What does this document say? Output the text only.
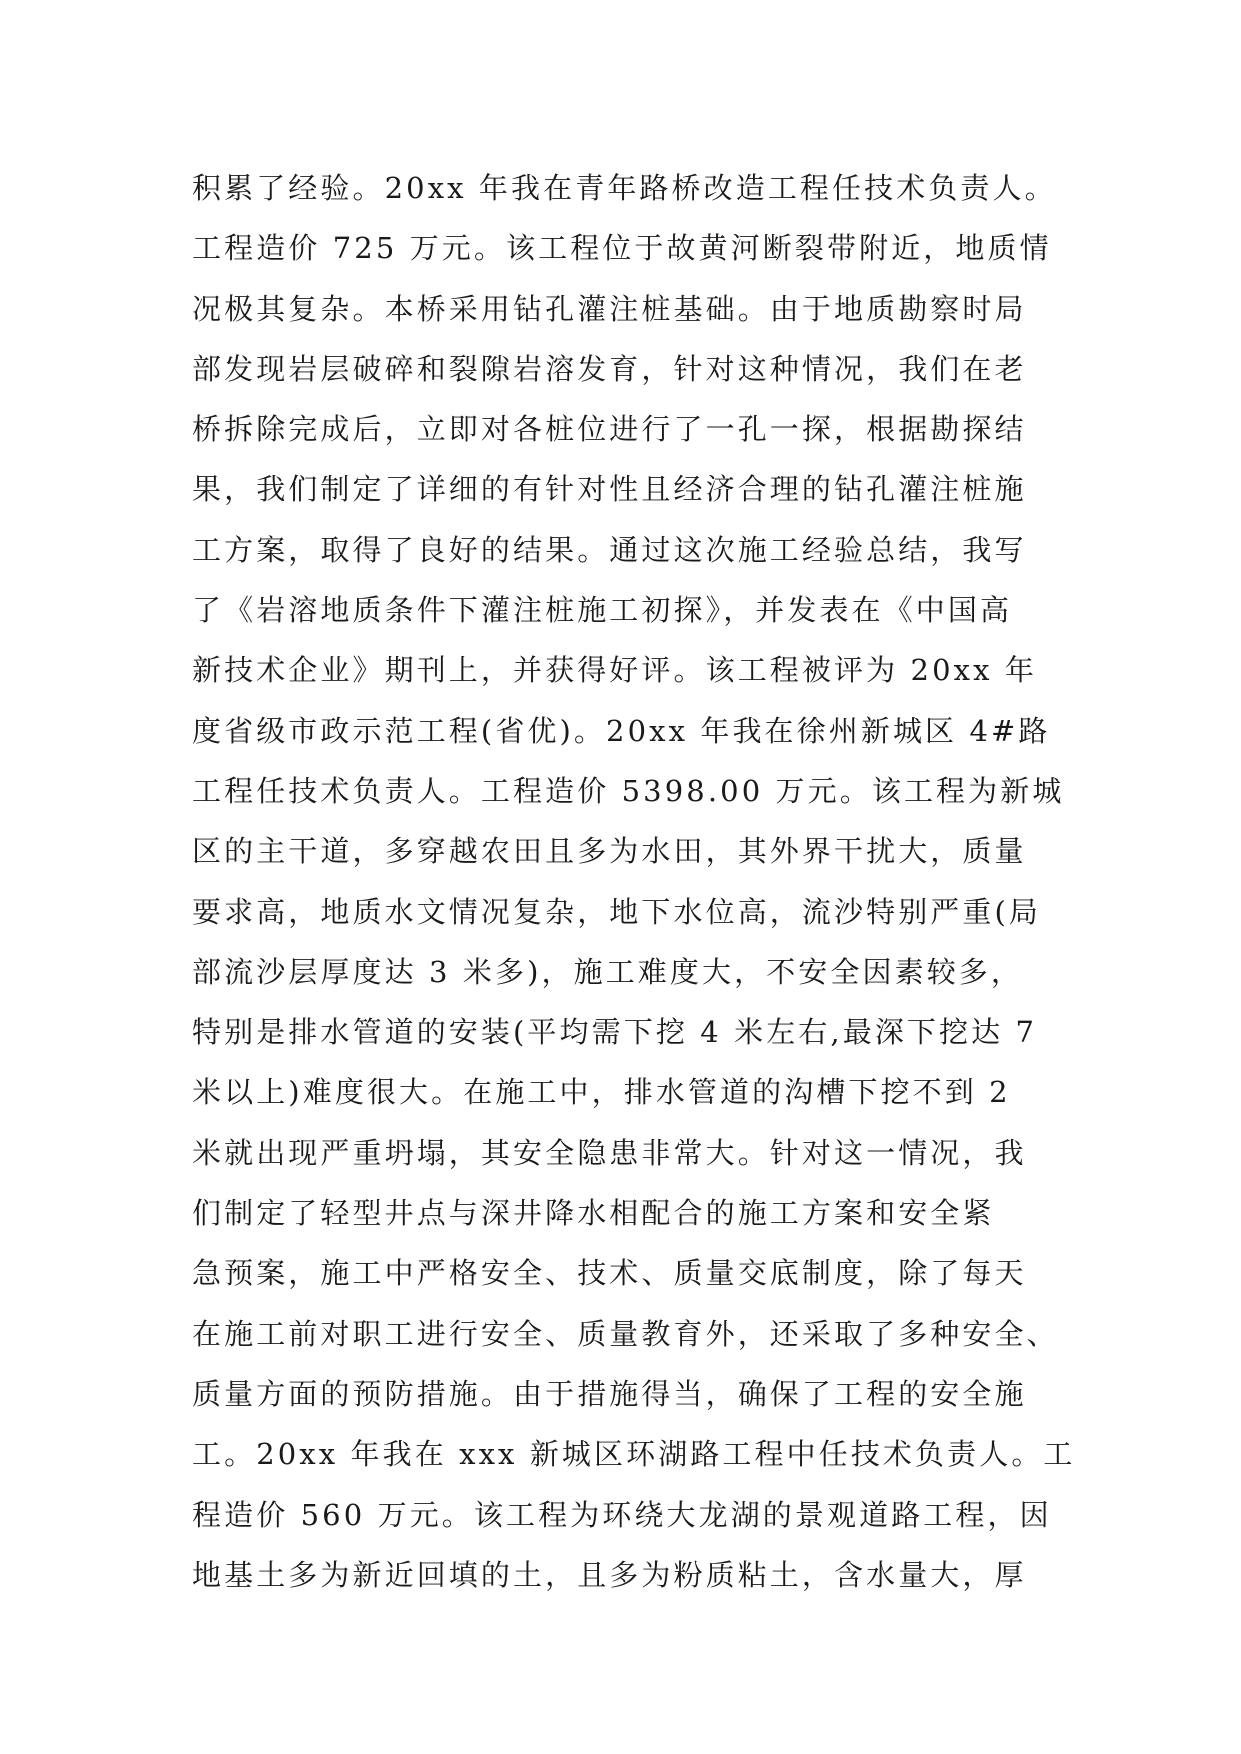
积累了经验。20xx 年我在青年路桥改造工程任技术负责人。
工程造价 725 万元。该工程位于故黄河断裂带附近，地质情
况极其复杂。本桥采用钻孔灌注桩基础。由于地质勘察时局
部发现岩层破碎和裂隙岩溶发育，针对这种情况，我们在老
桥拆除完成后，立即对各桩位进行了一孔一探，根据勘探结
果，我们制定了详细的有针对性且经济合理的钻孔灌注桩施
工方案，取得了良好的结果。通过这次施工经验总结，我写
了《岩溶地质条件下灌注桩施工初探》，并发表在《中国高
新技术企业》期刊上，并获得好评。该工程被评为 20xx 年
度省级市政示范工程(省优)。20xx 年我在徐州新城区 4#路
工程任技术负责人。工程造价 5398.00 万元。该工程为新城
区的主干道，多穿越农田且多为水田，其外界干扰大，质量
要求高，地质水文情况复杂，地下水位高，流沙特别严重(局
部流沙层厚度达 3 米多)，施工难度大，不安全因素较多，
特别是排水管道的安装(平均需下挖 4 米左右,最深下挖达 7
米以上)难度很大。在施工中，排水管道的沟槽下挖不到 2
米就出现严重坍塌，其安全隐患非常大。针对这一情况，我
们制定了轻型井点与深井降水相配合的施工方案和安全紧
急预案，施工中严格安全、技术、质量交底制度，除了每天
在施工前对职工进行安全、质量教育外，还采取了多种安全、
质量方面的预防措施。由于措施得当，确保了工程的安全施
工。20xx 年我在 xxx 新城区环湖路工程中任技术负责人。工
程造价 560 万元。该工程为环绕大龙湖的景观道路工程，因
地基土多为新近回填的土，且多为粉质粘土，含水量大，厚
